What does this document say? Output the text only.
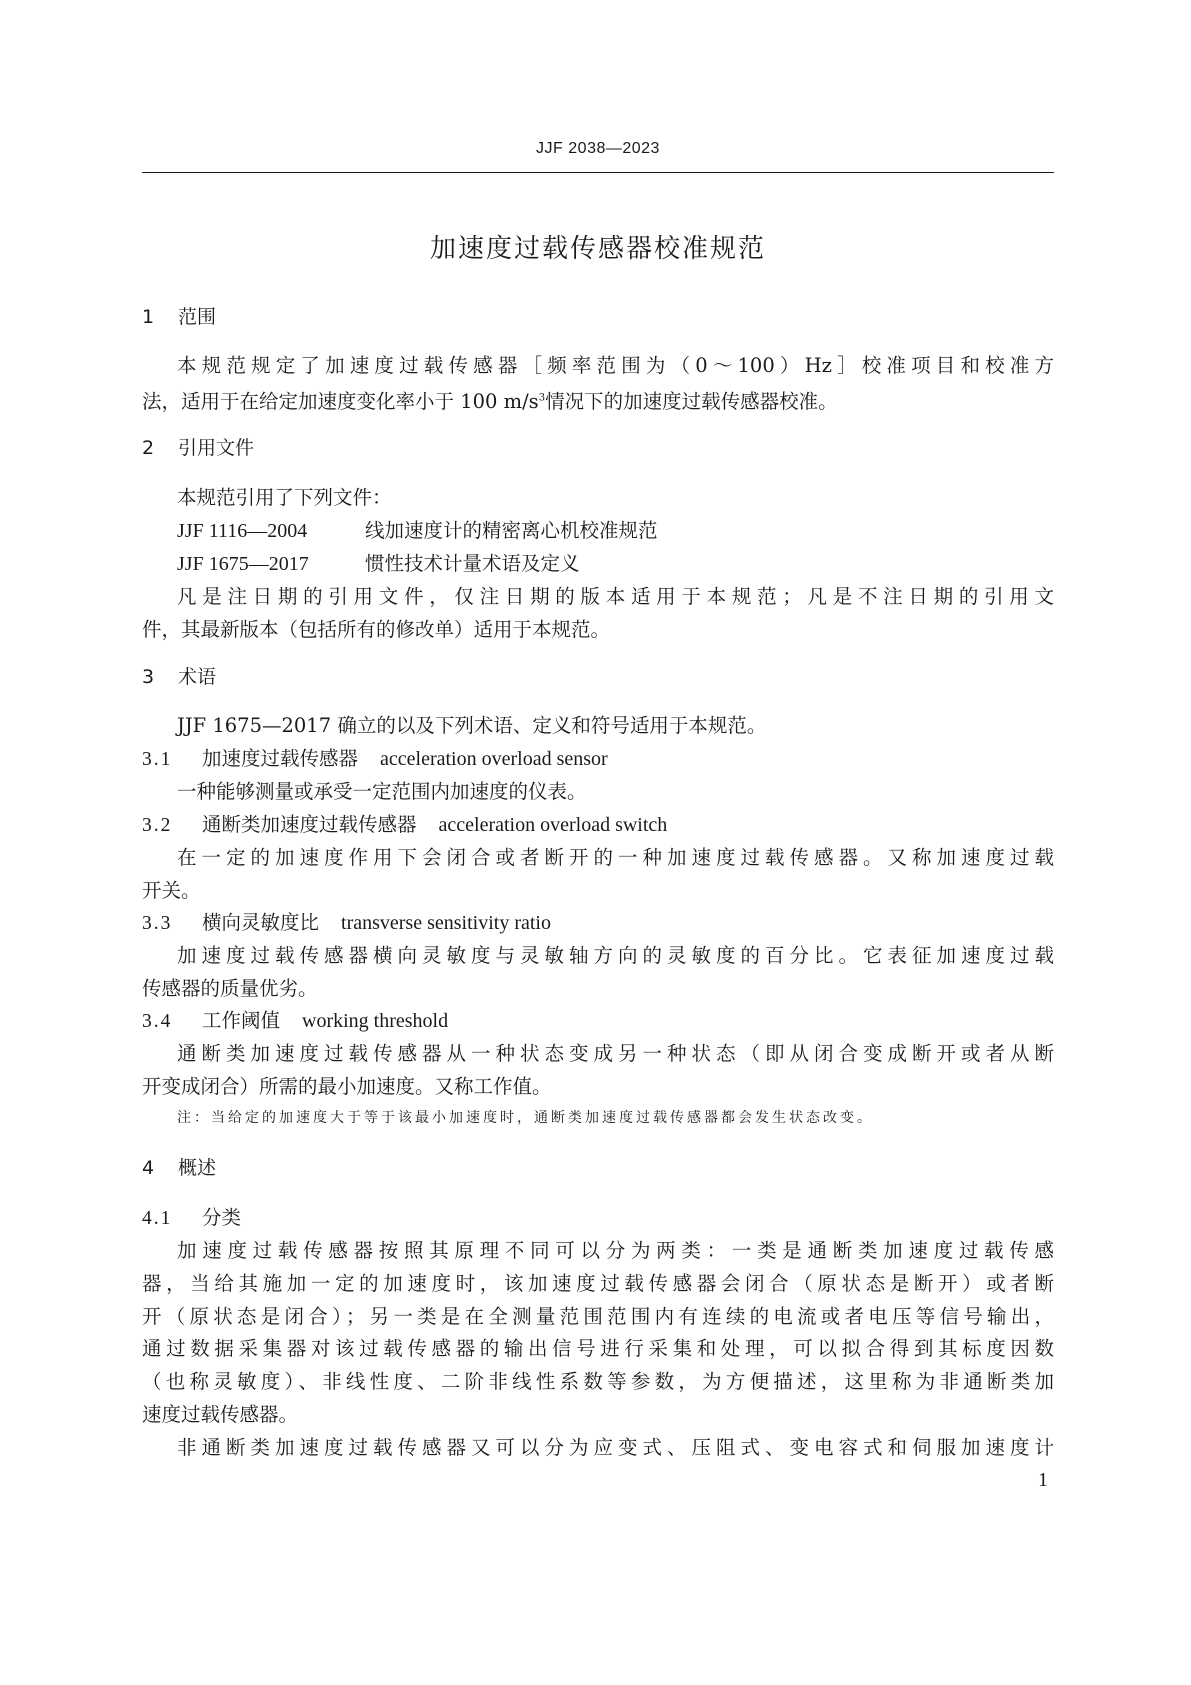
JJF 2038—2023
加速度过载传感器校准规范
1 范围
本规范规定了加速度过载传感器［频率范围为（0～100）Hz］校准项目和校准方
法，适用于在给定加速度变化率小于 100 $m/s^3$情况下的加速度过载传感器校准。
2 引用文件
本规范引用了下列文件：
JJF 1116—2004	线加速度计的精密离心机校准规范
JJF 1675—2017	惯性技术计量术语及定义
凡是注日期的引用文件，仅注日期的版本适用于本规范；凡是不注日期的引用文
件，其最新版本（包括所有的修改单）适用于本规范。
3 术语
JJF 1675—2017 确立的以及下列术语、定义和符号适用于本规范。
3.1 加速度过载传感器 acceleration overload sensor
一种能够测量或承受一定范围内加速度的仪表。
3.2 通断类加速度过载传感器 acceleration overload switch
在一定的加速度作用下会闭合或者断开的一种加速度过载传感器。又称加速度过载
开关。
3.3 横向灵敏度比 transverse sensitivity ratio
加速度过载传感器横向灵敏度与灵敏轴方向的灵敏度的百分比。它表征加速度过载
传感器的质量优劣。
3.4 工作阈值 working threshold
通断类加速度过载传感器从一种状态变成另一种状态（即从闭合变成断开或者从断
开变成闭合）所需的最小加速度。又称工作值。
注：当给定的加速度大于等于该最小加速度时，通断类加速度过载传感器都会发生状态改变。
4 概述
4.1 分类
加速度过载传感器按照其原理不同可以分为两类：一类是通断类加速度过载传感
器，当给其施加一定的加速度时，该加速度过载传感器会闭合（原状态是断开）或者断
开（原状态是闭合）；另一类是在全测量范围范围内有连续的电流或者电压等信号输出，
通过数据采集器对该过载传感器的输出信号进行采集和处理，可以拟合得到其标度因数
（也称灵敏度）、非线性度、二阶非线性系数等参数，为方便描述，这里称为非通断类加
速度过载传感器。
非通断类加速度过载传感器又可以分为应变式、压阻式、变电容式和伺服加速度计
1
